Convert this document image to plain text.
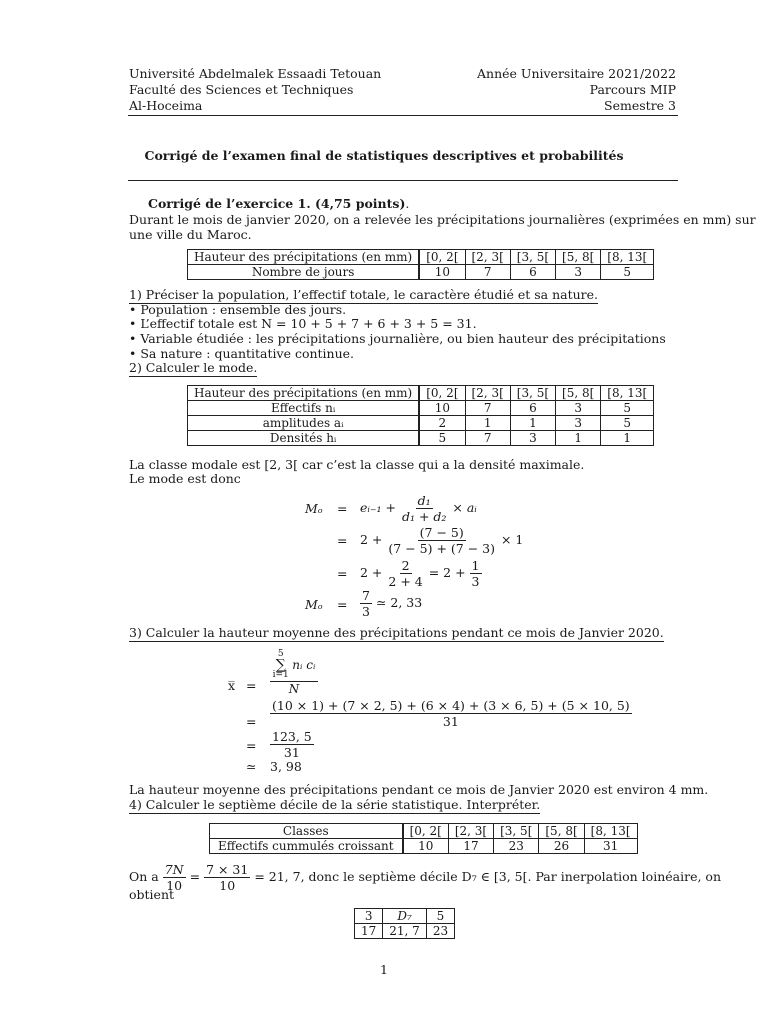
Université Abdelmalek Essaadi Tetouan
Faculté des Sciences et Techniques
Al-Hoceima
Année Universitaire 2021/2022
Parcours MIP
Semestre 3
Corrigé de l’examen final de statistiques descriptives et probabilités
Corrigé de l’exercice 1. (4,75 points).
Durant le mois de janvier 2020, on a relevée les précipitations journalières (exprimées en mm) sur
une ville du Maroc.
Hauteur des précipitations (en mm)	[0, 2[	[2, 3[	[3, 5[	[5, 8[	[8, 13[
Nombre de jours	10	7	6	3	5
1) Préciser la population, l’effectif totale, le caractère étudié et sa nature.
• Population : ensemble des jours.
• L’effectif totale est N = 10 + 5 + 7 + 6 + 3 + 5 = 31.
• Variable étudiée : les précipitations journalière, ou bien hauteur des précipitations
• Sa nature : quantitative continue.
2) Calculer le mode.
Hauteur des précipitations (en mm)	[0, 2[	[2, 3[	[3, 5[	[5, 8[	[8, 13[
Effectifs nᵢ	10	7	6	3	5
amplitudes aᵢ	2	1	1	3	5
Densités hᵢ	5	7	3	1	1
La classe modale est [2, 3[ car c’est la classe qui a la densité maximale.
Le mode est donc
Mₒ = eᵢ₋₁ + $\frac{\text{d₁}}{\text{d₁ + d₂}}$ × aᵢ
= $2 + \frac{(7 - 5)}{(7 - 5) + (7 - 3)} \times 1$
= $2 + \frac{2}{2 + 4} = 2 + \frac{1}{3}$
$M_o = \frac{7}{3}$ ≃ 2, 33
3) Calculer la hauteur moyenne des précipitations pendant ce mois de Janvier 2020.
x̅ = 5
∑
i=1
nᵢ cᵢ
N
= $\frac{(10 \times 1) + (7 \times 2, 5) + (6 \times 4) + (3 \times 6, 5) + (5 \times 10, 5)}{31}$
= $\frac{123, 5}{31}$
≃ 3, 98
La hauteur moyenne des précipitations pendant ce mois de Janvier 2020 est environ 4 mm.
4) Calculer le septième décile de la série statistique. Interpréter.
Classes	[0, 2[	[2, 3[	[3, 5[	[5, 8[	[8, 13[
Effectifs cummulés croissant	10	17	23	26	31
On a $\frac{7N}{10} = \frac{7 \times 31}{10} = 21$, 7, donc le septième décile D₇ ∈ [3, 5[. Par inerpolation loinéaire, on
obtient
3	D₇	5
17	21, 7	23
1
